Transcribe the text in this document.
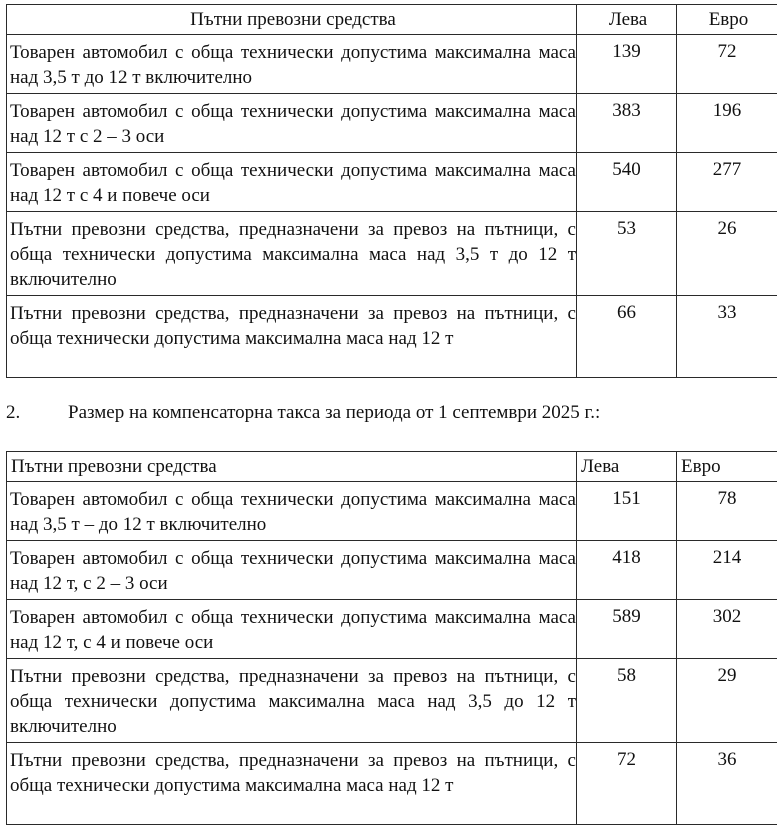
Пътни превозни средства	Лева	Евро
Товарен автомобил с обща технически допустима максимална маса над 3,5 т до 12 т включително	139	72
Товарен автомобил с обща технически допустима максимална маса над 12 т с 2 – 3 оси	383	196
Товарен автомобил с обща технически допустима максимална маса над 12 т с 4 и повече оси	540	277
Пътни превозни средства, предназначени за превоз на пътници, с обща технически допустима максимална маса над 3,5 т до 12 т включително	53	26
Пътни превозни средства, предназначени за превоз на пътници, с обща технически допустима максимална маса над 12 т	66	33
2.	Размер на компенсаторна такса за периода от 1 септември 2025 г.:
Пътни превозни средства	Лева	Евро
Товарен автомобил с обща технически допустима максимална маса над 3,5 т – до 12 т включително	151	78
Товарен автомобил с обща технически допустима максимална маса над 12 т, с 2 – 3 оси	418	214
Товарен автомобил с обща технически допустима максимална маса над 12 т, с 4 и повече оси	589	302
Пътни превозни средства, предназначени за превоз на пътници, с обща технически допустима максимална маса над 3,5 до 12 т включително	58	29
Пътни превозни средства, предназначени за превоз на пътници, с обща технически допустима максимална маса над 12 т	72	36
